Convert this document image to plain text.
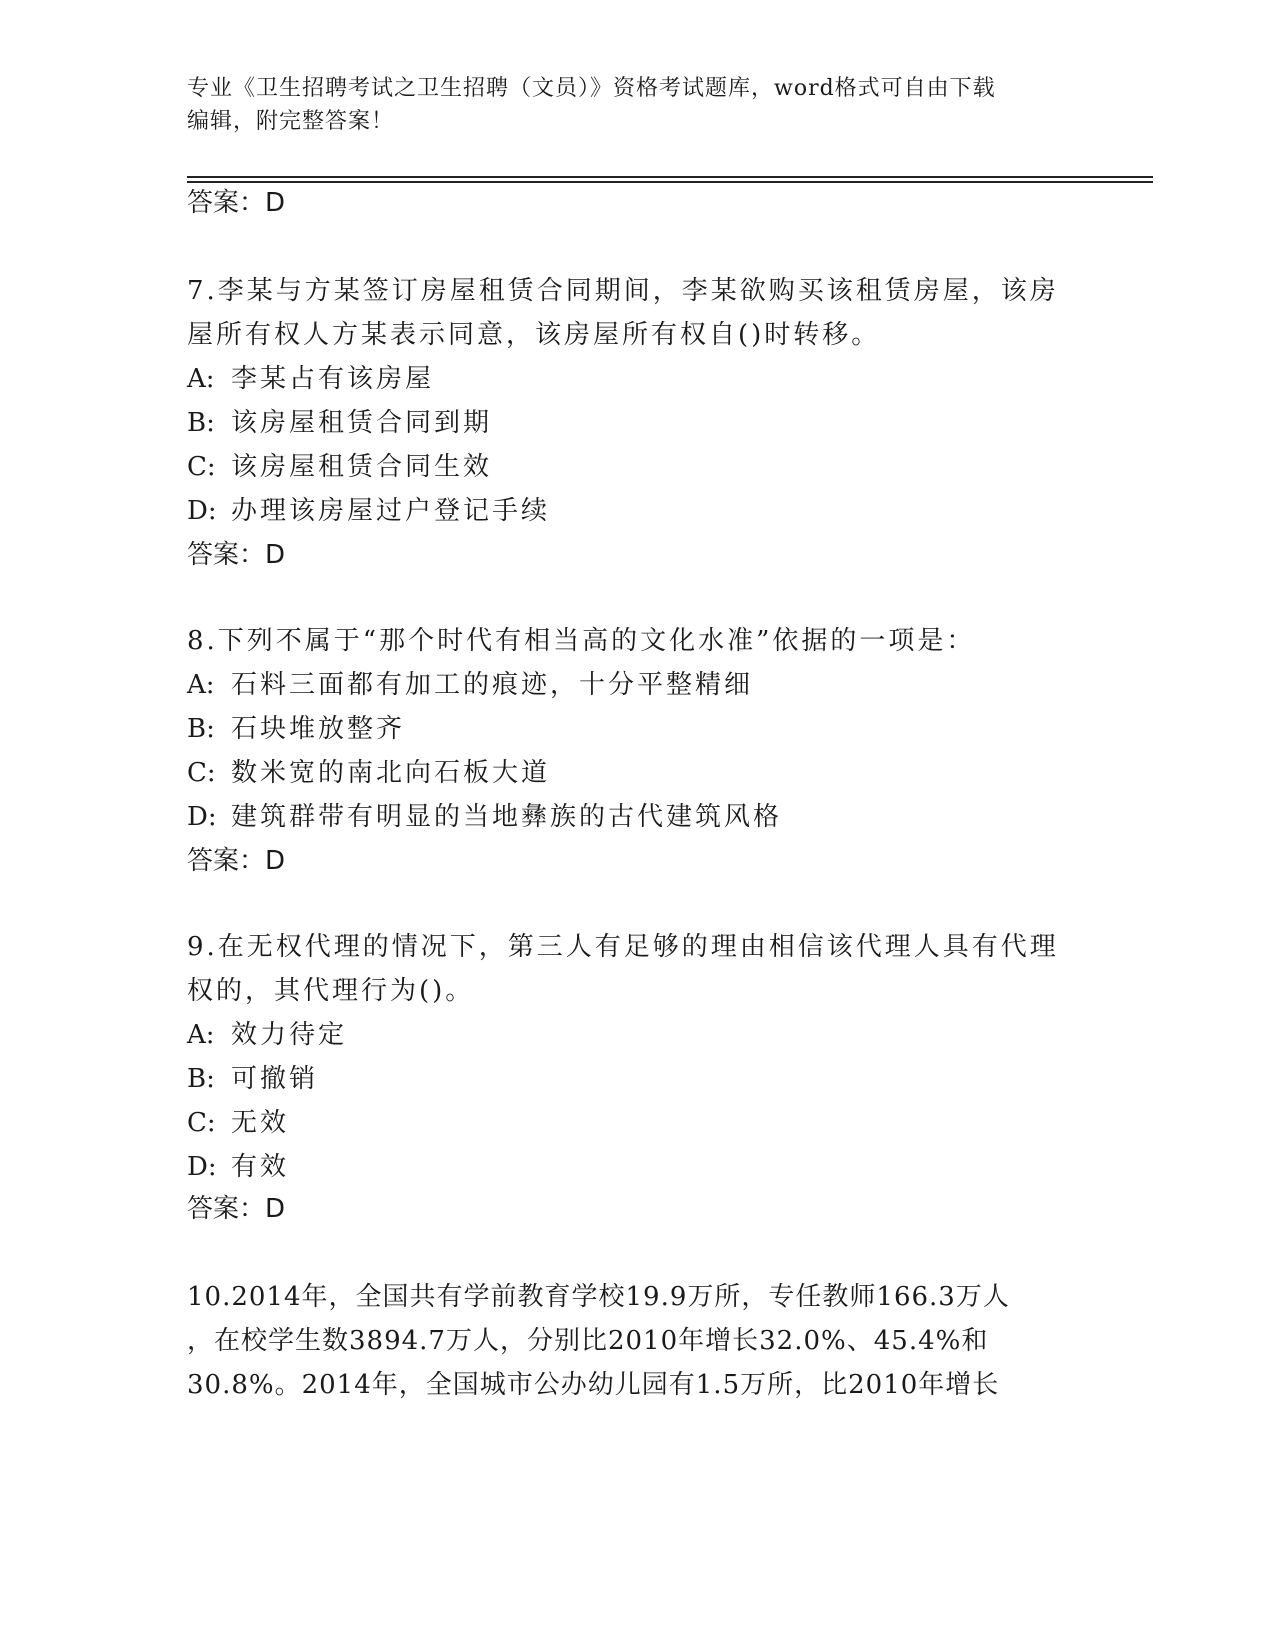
专业《卫生招聘考试之卫生招聘（文员）》资格考试题库，word格式可自由下载
编辑，附完整答案！
答案：D
7.李某与方某签订房屋租赁合同期间，李某欲购买该租赁房屋，该房
屋所有权人方某表示同意，该房屋所有权自()时转移。
A: 李某占有该房屋
B: 该房屋租赁合同到期
C: 该房屋租赁合同生效
D: 办理该房屋过户登记手续
答案：D
8.下列不属于“那个时代有相当高的文化水准”依据的一项是：
A: 石料三面都有加工的痕迹，十分平整精细
B: 石块堆放整齐
C: 数米宽的南北向石板大道
D: 建筑群带有明显的当地彝族的古代建筑风格
答案：D
9.在无权代理的情况下，第三人有足够的理由相信该代理人具有代理
权的，其代理行为()。
A: 效力待定
B: 可撤销
C: 无效
D: 有效
答案：D
10.2014年，全国共有学前教育学校19.9万所，专任教师166.3万人
，在校学生数3894.7万人，分别比2010年增长32.0%、45.4%和
30.8%。2014年，全国城市公办幼儿园有1.5万所，比2010年增长
